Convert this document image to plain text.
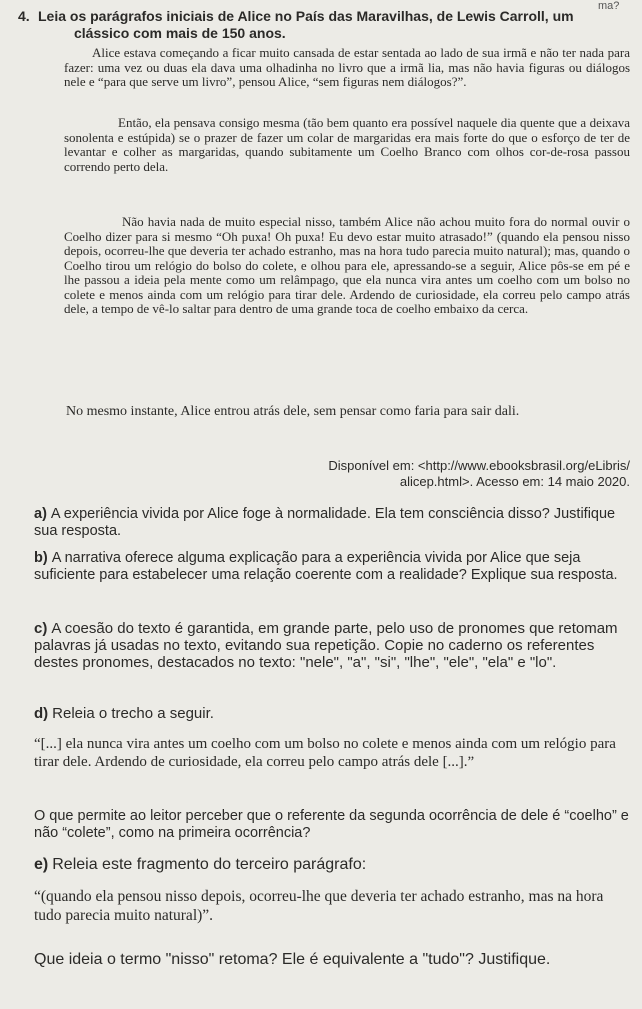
ma?
4. Leia os parágrafos iniciais de Alice no País das Maravilhas, de Lewis Carroll, um
clássico com mais de 150 anos.

Alice estava começando a ficar muito cansada de estar sentada ao lado de sua irmã e não ter nada para fazer: uma vez ou duas ela dava uma olhadinha no livro que a irmã lia, mas não havia figuras ou diálogos nele e “para que serve um livro”, pensou Alice, “sem figuras nem diálogos?”.

Então, ela pensava consigo mesma (tão bem quanto era possível naquele dia quente que a deixava sonolenta e estúpida) se o prazer de fazer um colar de margaridas era mais forte do que o esforço de ter de levantar e colher as margaridas, quando subitamente um Coelho Branco com olhos cor-de-rosa passou correndo perto dela.

Não havia nada de muito especial nisso, também Alice não achou muito fora do normal ouvir o Coelho dizer para si mesmo “Oh puxa! Oh puxa! Eu devo estar muito atrasado!” (quando ela pensou nisso depois, ocorreu-lhe que deveria ter achado estranho, mas na hora tudo parecia muito natural); mas, quando o Coelho tirou um relógio do bolso do colete, e olhou para ele, apressando-se a seguir, Alice pôs-se em pé e lhe passou a ideia pela mente como um relâmpago, que ela nunca vira antes um coelho com um bolso no colete e menos ainda com um relógio para tirar dele. Ardendo de curiosidade, ela correu pelo campo atrás dele, a tempo de vê-lo saltar para dentro de uma grande toca de coelho embaixo da cerca.

No mesmo instante, Alice entrou atrás dele, sem pensar como faria para sair dali.

Disponível em: <http://www.ebooksbrasil.org/eLibris/
alicep.html>. Acesso em: 14 maio 2020.
a) A experiência vivida por Alice foge à normalidade. Ela tem consciência disso? Justifique sua resposta.
b) A narrativa oferece alguma explicação para a experiência vivida por Alice que seja suficiente para estabelecer uma relação coerente com a realidade? Explique sua resposta.
c) A coesão do texto é garantida, em grande parte, pelo uso de pronomes que retomam palavras já usadas no texto, evitando sua repetição. Copie no caderno os referentes destes pronomes, destacados no texto: "nele", "a", "si", "lhe", "ele", "ela" e "lo".
d) Releia o trecho a seguir.
“[...] ela nunca vira antes um coelho com um bolso no colete e menos ainda com um relógio para tirar dele. Ardendo de curiosidade, ela correu pelo campo atrás dele [...].”
O que permite ao leitor perceber que o referente da segunda ocorrência de dele é “coelho” e não “colete”, como na primeira ocorrência?
e) Releia este fragmento do terceiro parágrafo:
“(quando ela pensou nisso depois, ocorreu-lhe que deveria ter achado estranho, mas na hora tudo parecia muito natural)”.
Que ideia o termo "nisso" retoma? Ele é equivalente a "tudo"? Justifique.
